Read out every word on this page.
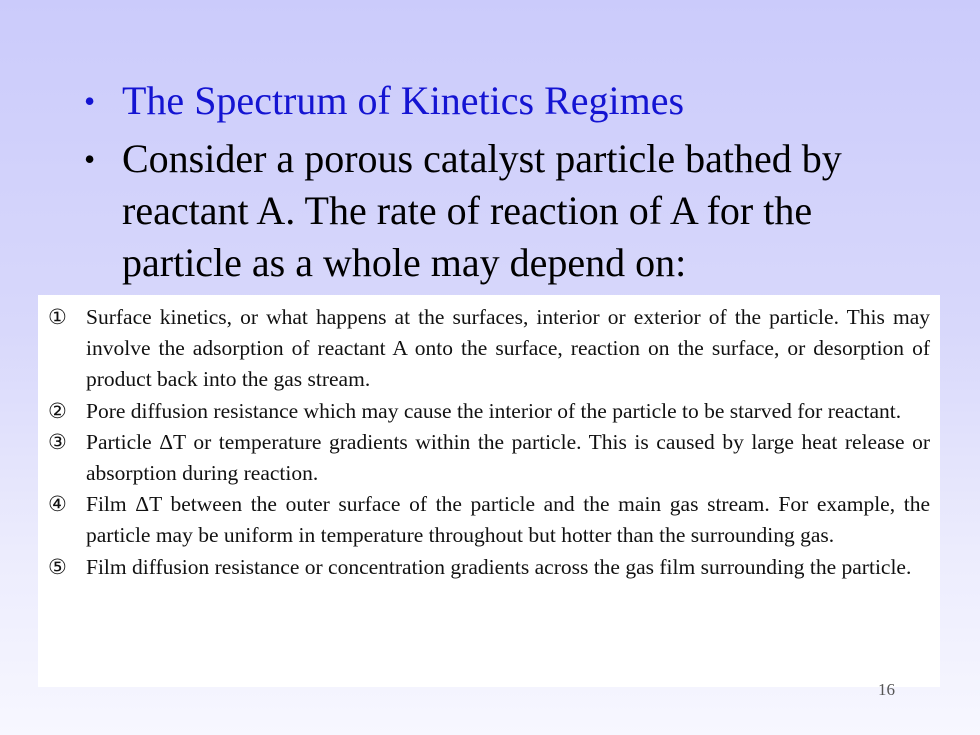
• The Spectrum of Kinetics Regimes
• Consider a porous catalyst particle bathed by reactant A. The rate of reaction of A for the particle as a whole may depend on:
① Surface kinetics, or what happens at the surfaces, interior or exterior of the particle. This may involve the adsorption of reactant A onto the surface, reaction on the surface, or desorption of product back into the gas stream.
② Pore diffusion resistance which may cause the interior of the particle to be starved for reactant.
③ Particle ΔT or temperature gradients within the particle. This is caused by large heat release or absorption during reaction.
④ Film ΔT between the outer surface of the particle and the main gas stream. For example, the particle may be uniform in temperature throughout but hotter than the surrounding gas.
⑤ Film diffusion resistance or concentration gradients across the gas film surrounding the particle.
16
